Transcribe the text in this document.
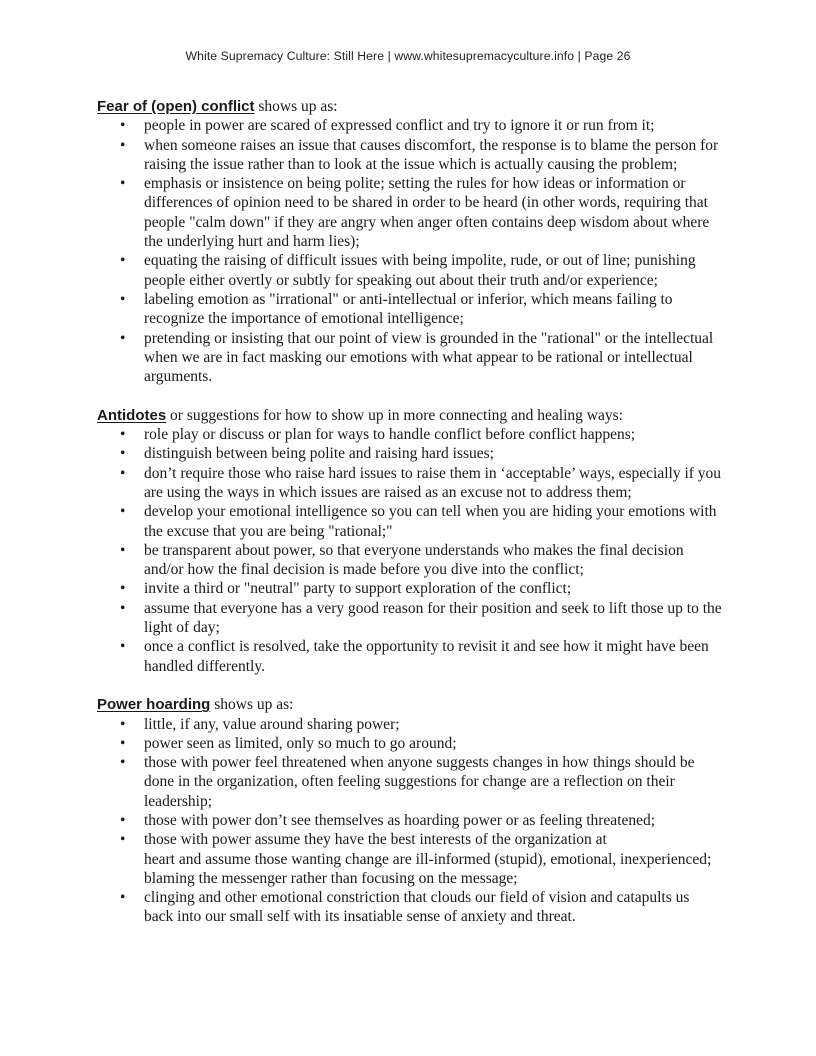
White Supremacy Culture: Still Here | www.whitesupremacyculture.info | Page 26

Fear of (open) conflict shows up as:

• people in power are scared of expressed conflict and try to ignore it or run from it;
• when someone raises an issue that causes discomfort, the response is to blame the person for raising the issue rather than to look at the issue which is actually causing the problem;
• emphasis or insistence on being polite; setting the rules for how ideas or information or differences of opinion need to be shared in order to be heard (in other words, requiring that people "calm down" if they are angry when anger often contains deep wisdom about where the underlying hurt and harm lies);
• equating the raising of difficult issues with being impolite, rude, or out of line; punishing people either overtly or subtly for speaking out about their truth and/or experience;
• labeling emotion as "irrational" or anti-intellectual or inferior, which means failing to recognize the importance of emotional intelligence;
• pretending or insisting that our point of view is grounded in the "rational" or the intellectual when we are in fact masking our emotions with what appear to be rational or intellectual arguments.

Antidotes or suggestions for how to show up in more connecting and healing ways:

• role play or discuss or plan for ways to handle conflict before conflict happens;
• distinguish between being polite and raising hard issues;
• don’t require those who raise hard issues to raise them in ‘acceptable’ ways, especially if you are using the ways in which issues are raised as an excuse not to address them;
• develop your emotional intelligence so you can tell when you are hiding your emotions with the excuse that you are being "rational;"
• be transparent about power, so that everyone understands who makes the final decision and/or how the final decision is made before you dive into the conflict;
• invite a third or "neutral" party to support exploration of the conflict;
• assume that everyone has a very good reason for their position and seek to lift those up to the light of day;
• once a conflict is resolved, take the opportunity to revisit it and see how it might have been handled differently.

Power hoarding shows up as:

• little, if any, value around sharing power;
• power seen as limited, only so much to go around;
• those with power feel threatened when anyone suggests changes in how things should be done in the organization, often feeling suggestions for change are a reflection on their leadership;
• those with power don’t see themselves as hoarding power or as feeling threatened;
• those with power assume they have the best interests of the organization at
heart and assume those wanting change are ill-informed (stupid), emotional, inexperienced; blaming the messenger rather than focusing on the message;
• clinging and other emotional constriction that clouds our field of vision and catapults us back into our small self with its insatiable sense of anxiety and threat.
